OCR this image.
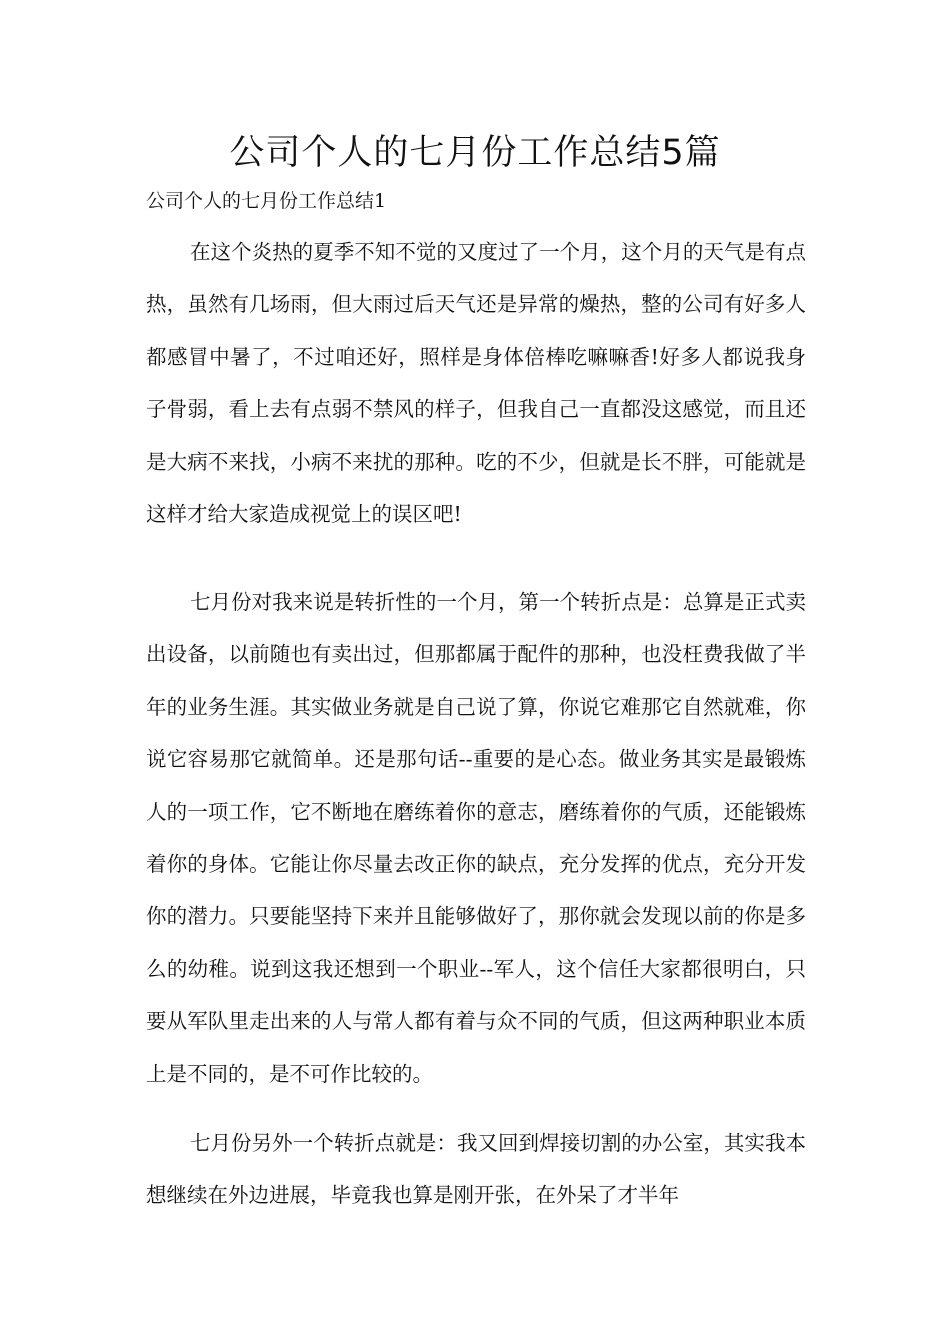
公司个人的七月份工作总结5篇
公司个人的七月份工作总结1

在这个炎热的夏季不知不觉的又度过了一个月，这个月的天气是有点热，虽然有几场雨，但大雨过后天气还是异常的燥热，整的公司有好多人都感冒中暑了，不过咱还好，照样是身体倍棒吃嘛嘛香!好多人都说我身子骨弱，看上去有点弱不禁风的样子，但我自己一直都没这感觉，而且还是大病不来找，小病不来扰的那种。吃的不少，但就是长不胖，可能就是这样才给大家造成视觉上的误区吧!

七月份对我来说是转折性的一个月，第一个转折点是：总算是正式卖出设备，以前随也有卖出过，但那都属于配件的那种，也没枉费我做了半年的业务生涯。其实做业务就是自己说了算，你说它难那它自然就难，你说它容易那它就简单。还是那句话--重要的是心态。做业务其实是最锻炼人的一项工作，它不断地在磨练着你的意志，磨练着你的气质，还能锻炼着你的身体。它能让你尽量去改正你的缺点，充分发挥的优点，充分开发你的潜力。只要能坚持下来并且能够做好了，那你就会发现以前的你是多么的幼稚。说到这我还想到一个职业--军人，这个信任大家都很明白，只要从军队里走出来的人与常人都有着与众不同的气质，但这两种职业本质上是不同的，是不可作比较的。

七月份另外一个转折点就是：我又回到焊接切割的办公室，其实我本想继续在外边进展，毕竟我也算是刚开张，在外呆了才半年
